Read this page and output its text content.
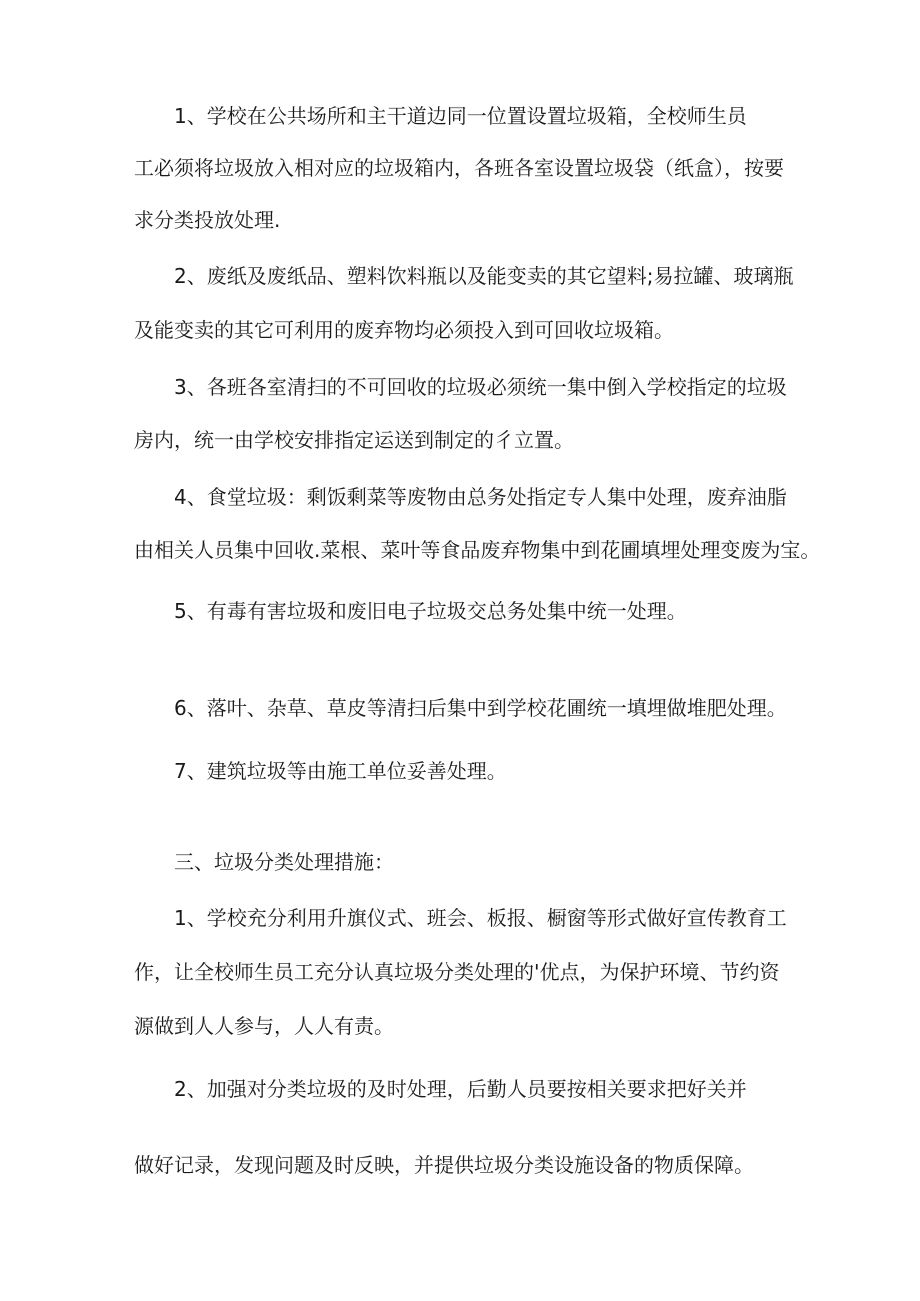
1、学校在公共场所和主干道边同一位置设置垃圾箱，全校师生员
工必须将垃圾放入相对应的垃圾箱内，各班各室设置垃圾袋（纸盒），按要
求分类投放处理.
2、废纸及废纸品、塑料饮料瓶以及能变卖的其它望料;易拉罐、玻璃瓶
及能变卖的其它可利用的废弃物均必须投入到可回收垃圾箱。
3、各班各室清扫的不可回收的垃圾必须统一集中倒入学校指定的垃圾
房内，统一由学校安排指定运送到制定的彳立置。
4、食堂垃圾：剩饭剩菜等废物由总务处指定专人集中处理，废弃油脂
由相关人员集中回收.菜根、菜叶等食品废弃物集中到花圃填埋处理变废为宝。
5、有毒有害垃圾和废旧电子垃圾交总务处集中统一处理。
6、落叶、杂草、草皮等清扫后集中到学校花圃统一填埋做堆肥处理。
7、建筑垃圾等由施工单位妥善处理。
三、垃圾分类处理措施：
1、学校充分利用升旗仪式、班会、板报、橱窗等形式做好宣传教育工
作，让全校师生员工充分认真垃圾分类处理的'优点，为保护环境、节约资
源做到人人参与，人人有责。
2、加强对分类垃圾的及时处理，后勤人员要按相关要求把好关并
做好记录，发现问题及时反映，并提供垃圾分类设施设备的物质保障。
